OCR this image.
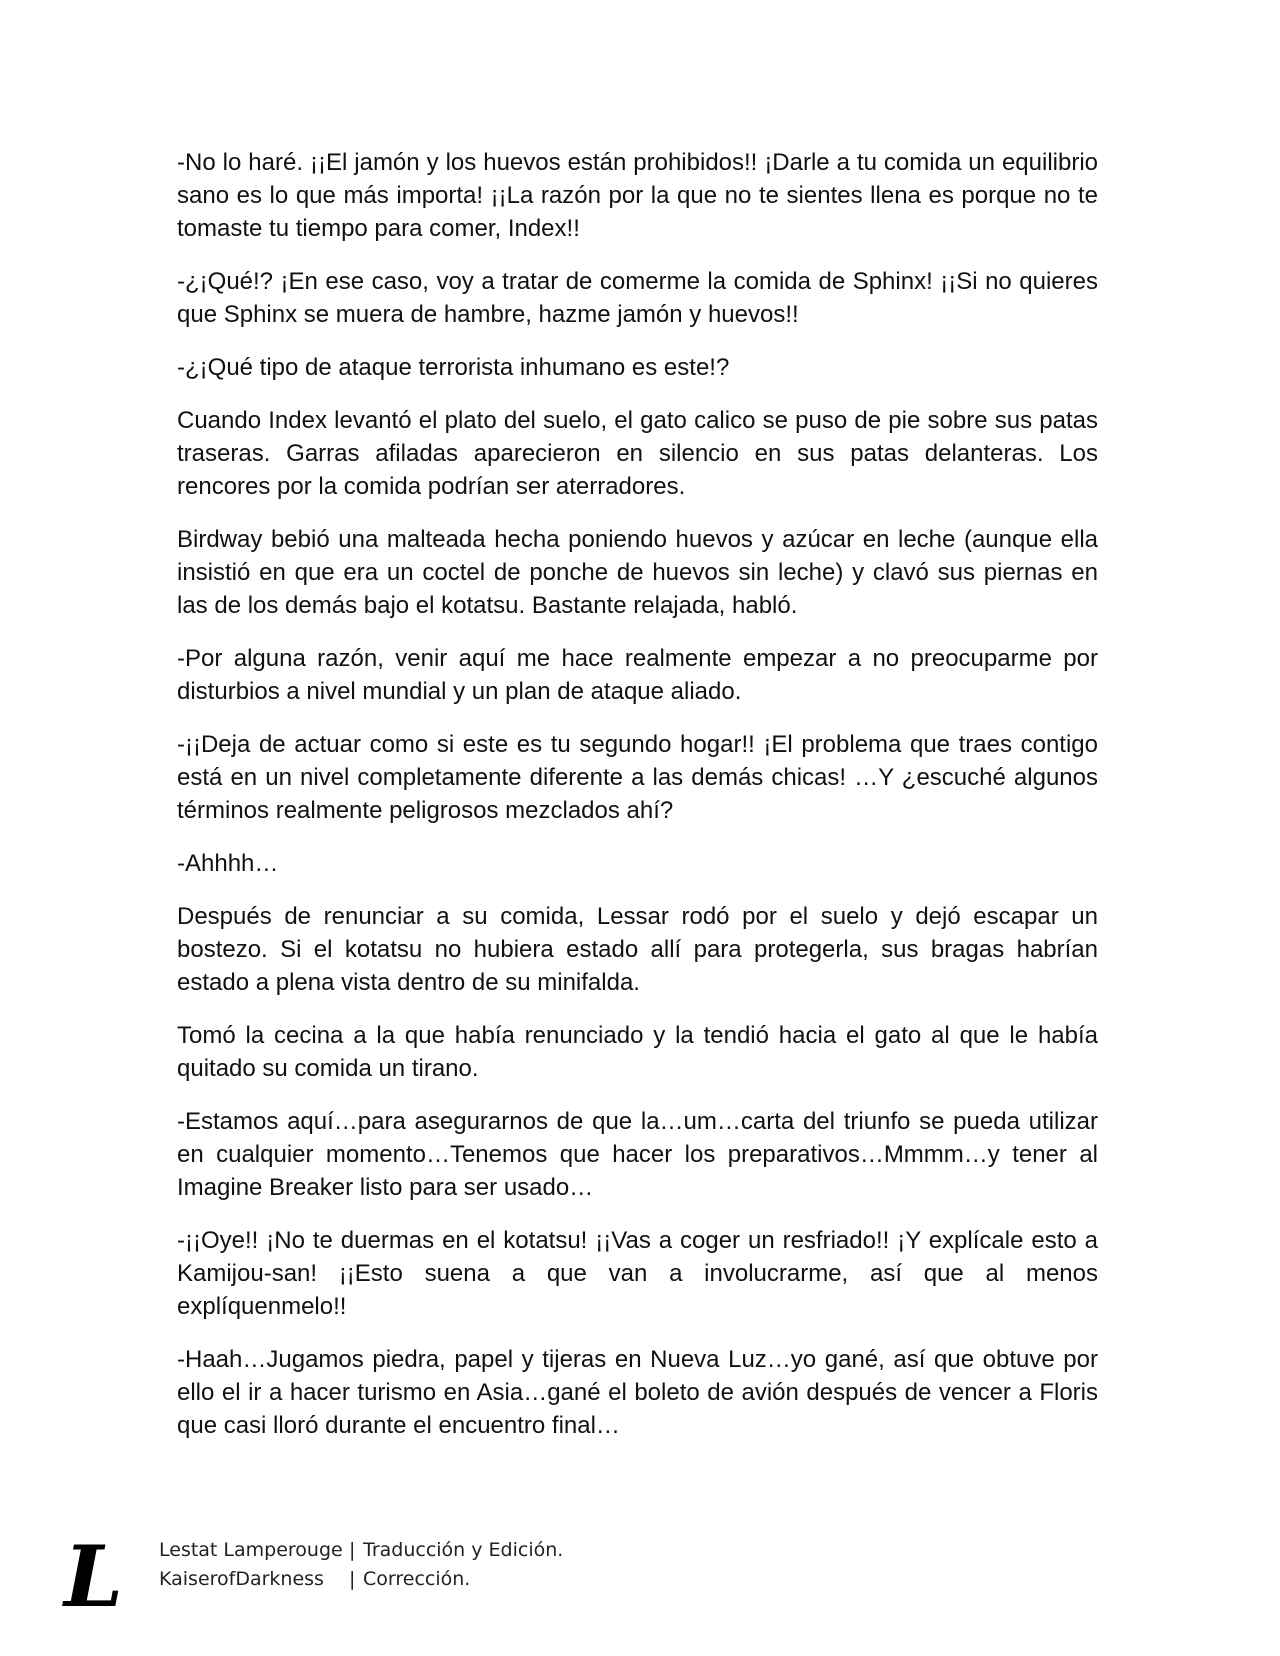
-No lo haré. ¡¡El jamón y los huevos están prohibidos!! ¡Darle a tu comida un equilibrio sano es lo que más importa! ¡¡La razón por la que no te sientes llena es porque no te tomaste tu tiempo para comer, Index!!

-¿¡Qué!? ¡En ese caso, voy a tratar de comerme la comida de Sphinx! ¡¡Si no quieres que Sphinx se muera de hambre, hazme jamón y huevos!!

-¿¡Qué tipo de ataque terrorista inhumano es este!?

Cuando Index levantó el plato del suelo, el gato calico se puso de pie sobre sus patas traseras. Garras afiladas aparecieron en silencio en sus patas delanteras. Los rencores por la comida podrían ser aterradores.

Birdway bebió una malteada hecha poniendo huevos y azúcar en leche (aunque ella insistió en que era un coctel de ponche de huevos sin leche) y clavó sus piernas en las de los demás bajo el kotatsu. Bastante relajada, habló.

-Por alguna razón, venir aquí me hace realmente empezar a no preocuparme por disturbios a nivel mundial y un plan de ataque aliado.

-¡¡Deja de actuar como si este es tu segundo hogar!! ¡El problema que traes contigo está en un nivel completamente diferente a las demás chicas! …Y ¿escuché algunos términos realmente peligrosos mezclados ahí?

-Ahhhh…

Después de renunciar a su comida, Lessar rodó por el suelo y dejó escapar un bostezo. Si el kotatsu no hubiera estado allí para protegerla, sus bragas habrían estado a plena vista dentro de su minifalda.

Tomó la cecina a la que había renunciado y la tendió hacia el gato al que le había quitado su comida un tirano.

-Estamos aquí…para asegurarnos de que la…um…carta del triunfo se pueda utilizar en cualquier momento…Tenemos que hacer los preparativos…Mmmm…y tener al Imagine Breaker listo para ser usado…

-¡¡Oye!! ¡No te duermas en el kotatsu! ¡¡Vas a coger un resfriado!! ¡Y explícale esto a Kamijou-san! ¡¡Esto suena a que van a involucrarme, así que al menos explíquenmelo!!

-Haah…Jugamos piedra, papel y tijeras en Nueva Luz…yo gané, así que obtuve por ello el ir a hacer turismo en Asia…gané el boleto de avión después de vencer a Floris que casi lloró durante el encuentro final…

L Lestat Lamperouge | Traducción y Edición.
KaiserofDarkness	| Corrección.
